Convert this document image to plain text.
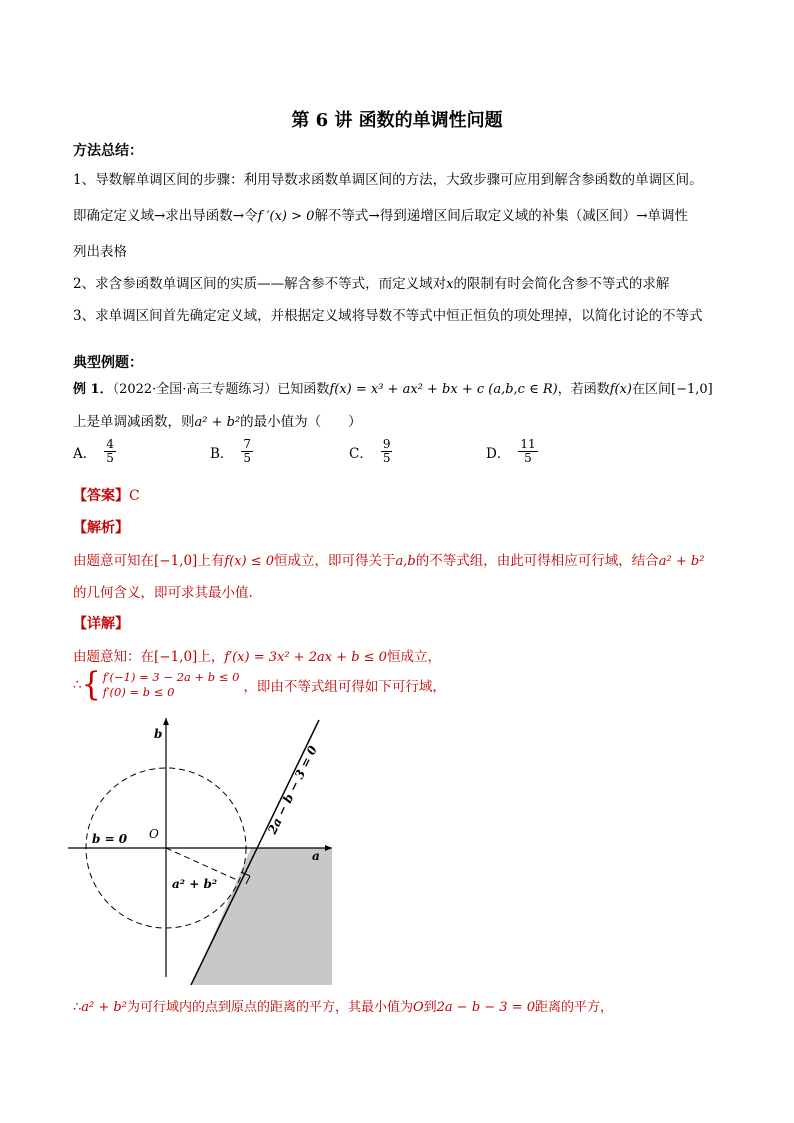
第 6 讲 函数的单调性问题
方法总结：
1、导数解单调区间的步骤：利用导数求函数单调区间的方法，大致步骤可应用到解含参函数的单调区间。
即确定定义域→求出导函数→令f ′(x) > 0解不等式→得到递增区间后取定义域的补集（减区间）→单调性
列出表格
2、求含参函数单调区间的实质——解含参不等式，而定义域对x的限制有时会简化含参不等式的求解
3、求单调区间首先确定定义域，并根据定义域将导数不等式中恒正恒负的项处理掉，以简化讨论的不等式
典型例题：
例 1．（2022·全国·高三专题练习）已知函数f(x) = x³ + ax² + bx + c (a,b,c ∈ R)，若函数f(x)在区间[−1,0]
上是单调减函数，则a² + b²的最小值为（　　）
A． $\frac{4}{5}$	B． $\frac{7}{5}$	C． $\frac{9}{5}$	D． $\frac{11}{5}$
【答案】C
【解析】
由题意可知在[−1,0]上有f(x) ≤ 0恒成立，即可得关于a,b的不等式组，由此可得相应可行域，结合a² + b²
的几何含义，即可求其最小值.
【详解】
由题意知：在[−1,0]上，f′(x) = 3x² + 2ax + b ≤ 0恒成立，
∴ { f′(−1) = 3 − 2a + b ≤ 0
f′(0) = b ≤ 0	，即由不等式组可得如下可行域，
a
b
O
b = 0
a² + b²
2a − b − 3 = 0
∴a² + b²为可行域内的点到原点的距离的平方，其最小值为O到2a − b − 3 = 0距离的平方，
